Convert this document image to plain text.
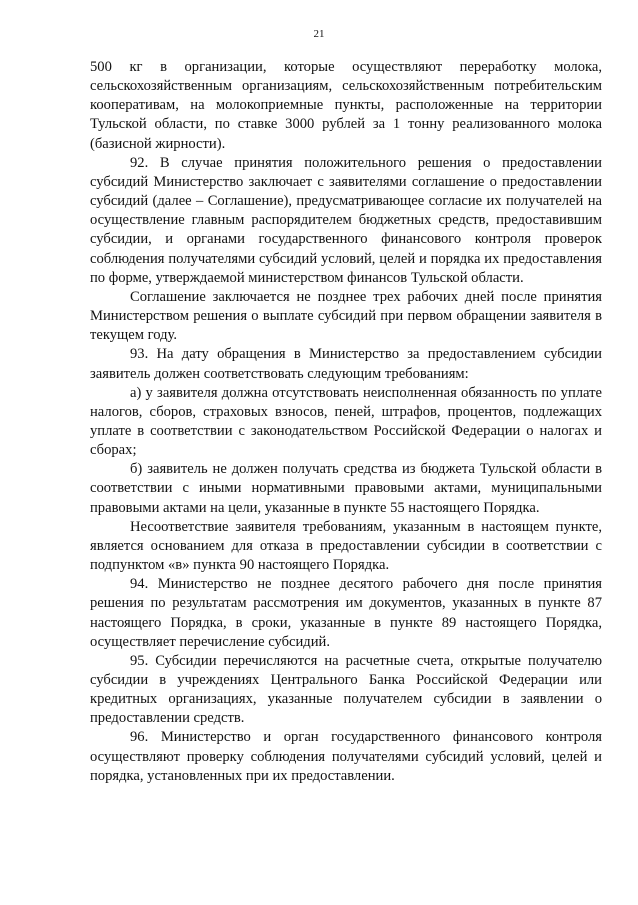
21

500 кг в организации, которые осуществляют переработку молока, сельскохозяйственным организациям, сельскохозяйственным потребительским кооперативам, на молокоприемные пункты, расположенные на территории Тульской области, по ставке 3000 рублей за 1 тонну реализованного молока (базисной жирности).

92. В случае принятия положительного решения о предоставлении субсидий Министерство заключает с заявителями соглашение о предоставлении субсидий (далее – Соглашение), предусматривающее согласие их получателей на осуществление главным распорядителем бюджетных средств, предоставившим субсидии, и органами государственного финансового контроля проверок соблюдения получателями субсидий условий, целей и порядка их предоставления по форме, утверждаемой министерством финансов Тульской области.

Соглашение заключается не позднее трех рабочих дней после принятия Министерством решения о выплате субсидий при первом обращении заявителя в текущем году.

93. На дату обращения в Министерство за предоставлением субсидии заявитель должен соответствовать следующим требованиям:

а) у заявителя должна отсутствовать неисполненная обязанность по уплате налогов, сборов, страховых взносов, пеней, штрафов, процентов, подлежащих уплате в соответствии с законодательством Российской Федерации о налогах и сборах;

б) заявитель не должен получать средства из бюджета Тульской области в соответствии с иными нормативными правовыми актами, муниципальными правовыми актами на цели, указанные в пункте 55 настоящего Порядка.

Несоответствие заявителя требованиям, указанным в настоящем пункте, является основанием для отказа в предоставлении субсидии в соответствии с подпунктом «в» пункта 90 настоящего Порядка.

94. Министерство не позднее десятого рабочего дня после принятия решения по результатам рассмотрения им документов, указанных в пункте 87 настоящего Порядка, в сроки, указанные в пункте 89 настоящего Порядка, осуществляет перечисление субсидий.

95. Субсидии перечисляются на расчетные счета, открытые получателю субсидии в учреждениях Центрального Банка Российской Федерации или кредитных организациях, указанные получателем субсидии в заявлении о предоставлении средств.

96. Министерство и орган государственного финансового контроля осуществляют проверку соблюдения получателями субсидий условий, целей и порядка, установленных при их предоставлении.
